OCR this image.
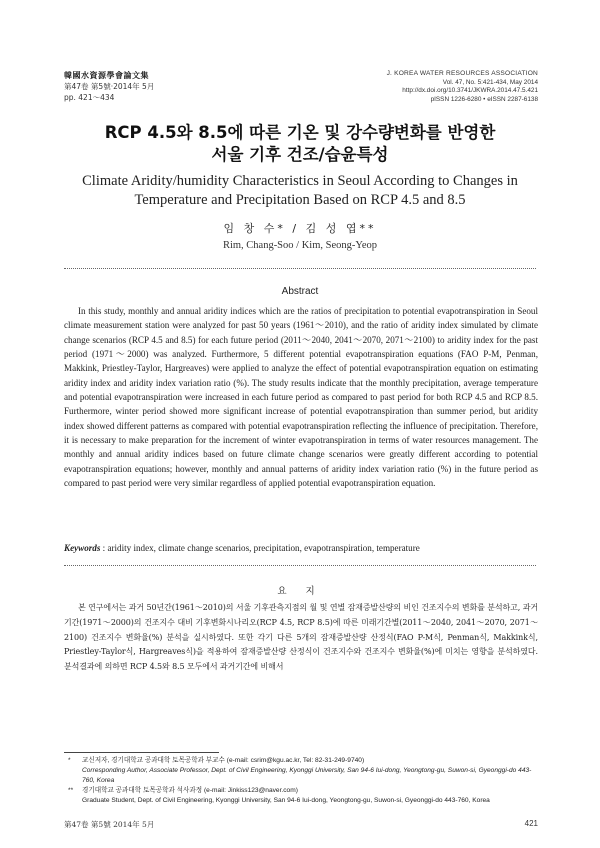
韓國水資源學會論文集
第47卷 第5號·2014年 5月
pp. 421～434
J. KOREA WATER RESOURCES ASSOCIATION
Vol. 47, No. 5:421-434, May 2014
http://dx.doi.org/10.3741/JKWRA.2014.47.5.421
pISSN 1226-6280 • eISSN 2287-6138
RCP 4.5와 8.5에 따른 기온 및 강수량변화를 반영한
서울 기후 건조/습윤특성
Climate Aridity/humidity Characteristics in Seoul According to Changes in
Temperature and Precipitation Based on RCP 4.5 and 8.5
임 창 수* / 김 성 엽**
Rim, Chang-Soo / Kim, Seong-Yeop
Abstract

In this study, monthly and annual aridity indices which are the ratios of precipitation to potential evapotranspiration in Seoul climate measurement station were analyzed for past 50 years (1961～2010), and the ratio of aridity index simulated by climate change scenarios (RCP 4.5 and 8.5) for each future period (2011～2040, 2041～2070, 2071～2100) to aridity index for the past period (1971～2000) was analyzed. Furthermore, 5 different potential evapotranspiration equations (FAO P-M, Penman, Makkink, Priestley-Taylor, Hargreaves) were applied to analyze the effect of potential evapotranspiration equation on estimating aridity index and aridity index variation ratio (%). The study results indicate that the monthly precipitation, average temperature and potential evapotranspiration were increased in each future period as compared to past period for both RCP 4.5 and RCP 8.5. Furthermore, winter period showed more significant increase of potential evapotranspiration than summer period, but aridity index showed different patterns as compared with potential evapotranspiration reflecting the influence of precipitation. Therefore, it is necessary to make preparation for the increment of winter evapotranspiration in terms of water resources management. The monthly and annual aridity indices based on future climate change scenarios were greatly different according to potential evapotranspiration equations; however, monthly and annual patterns of aridity index variation ratio (%) in the future period as compared to past period were very similar regardless of applied potential evapotranspiration equation.

Keywords : aridity index, climate change scenarios, precipitation, evapotranspiration, temperature
요 지

본 연구에서는 과거 50년간(1961～2010)의 서울 기후관측지점의 월 및 연별 잠재증발산량의 비인 건조지수의 변화를 분석하고, 과거기간(1971～2000)의 건조지수 대비 기후변화시나리오(RCP 4.5, RCP 8.5)에 따른 미래기간별(2011～2040, 2041～2070, 2071～2100) 건조지수 변화율(%) 분석을 실시하였다. 또한 각기 다른 5개의 잠재증발산량 산정식(FAO P-M식, Penman식, Makkink식, Priestley-Taylor식, Hargreaves식)을 적용하여 잠재증발산량 산정식이 건조지수와 건조지수 변화율(%)에 미치는 영향을 분석하였다. 분석결과에 의하면 RCP 4.5와 8.5 모두에서 과거기간에 비해서

* 교신저자, 경기대학교 공과대학 토목공학과 부교수 (e-mail: csrim@kgu.ac.kr, Tel: 82-31-249-9740)
Corresponding Author, Associate Professor, Dept. of Civil Engineering, Kyonggi University, San 94-6 Iui-dong, Yeongtong-gu, Suwon-si, Gyeonggi-do 443-760, Korea
** 경기대학교 공과대학 토목공학과 석사과정 (e-mail: Jinkiss123@naver.com)
Graduate Student, Dept. of Civil Engineering, Kyonggi University, San 94-6 Iui-dong, Yeongtong-gu, Suwon-si, Gyeonggi-do 443-760, Korea
第47卷 第5號 2014年 5月	421
